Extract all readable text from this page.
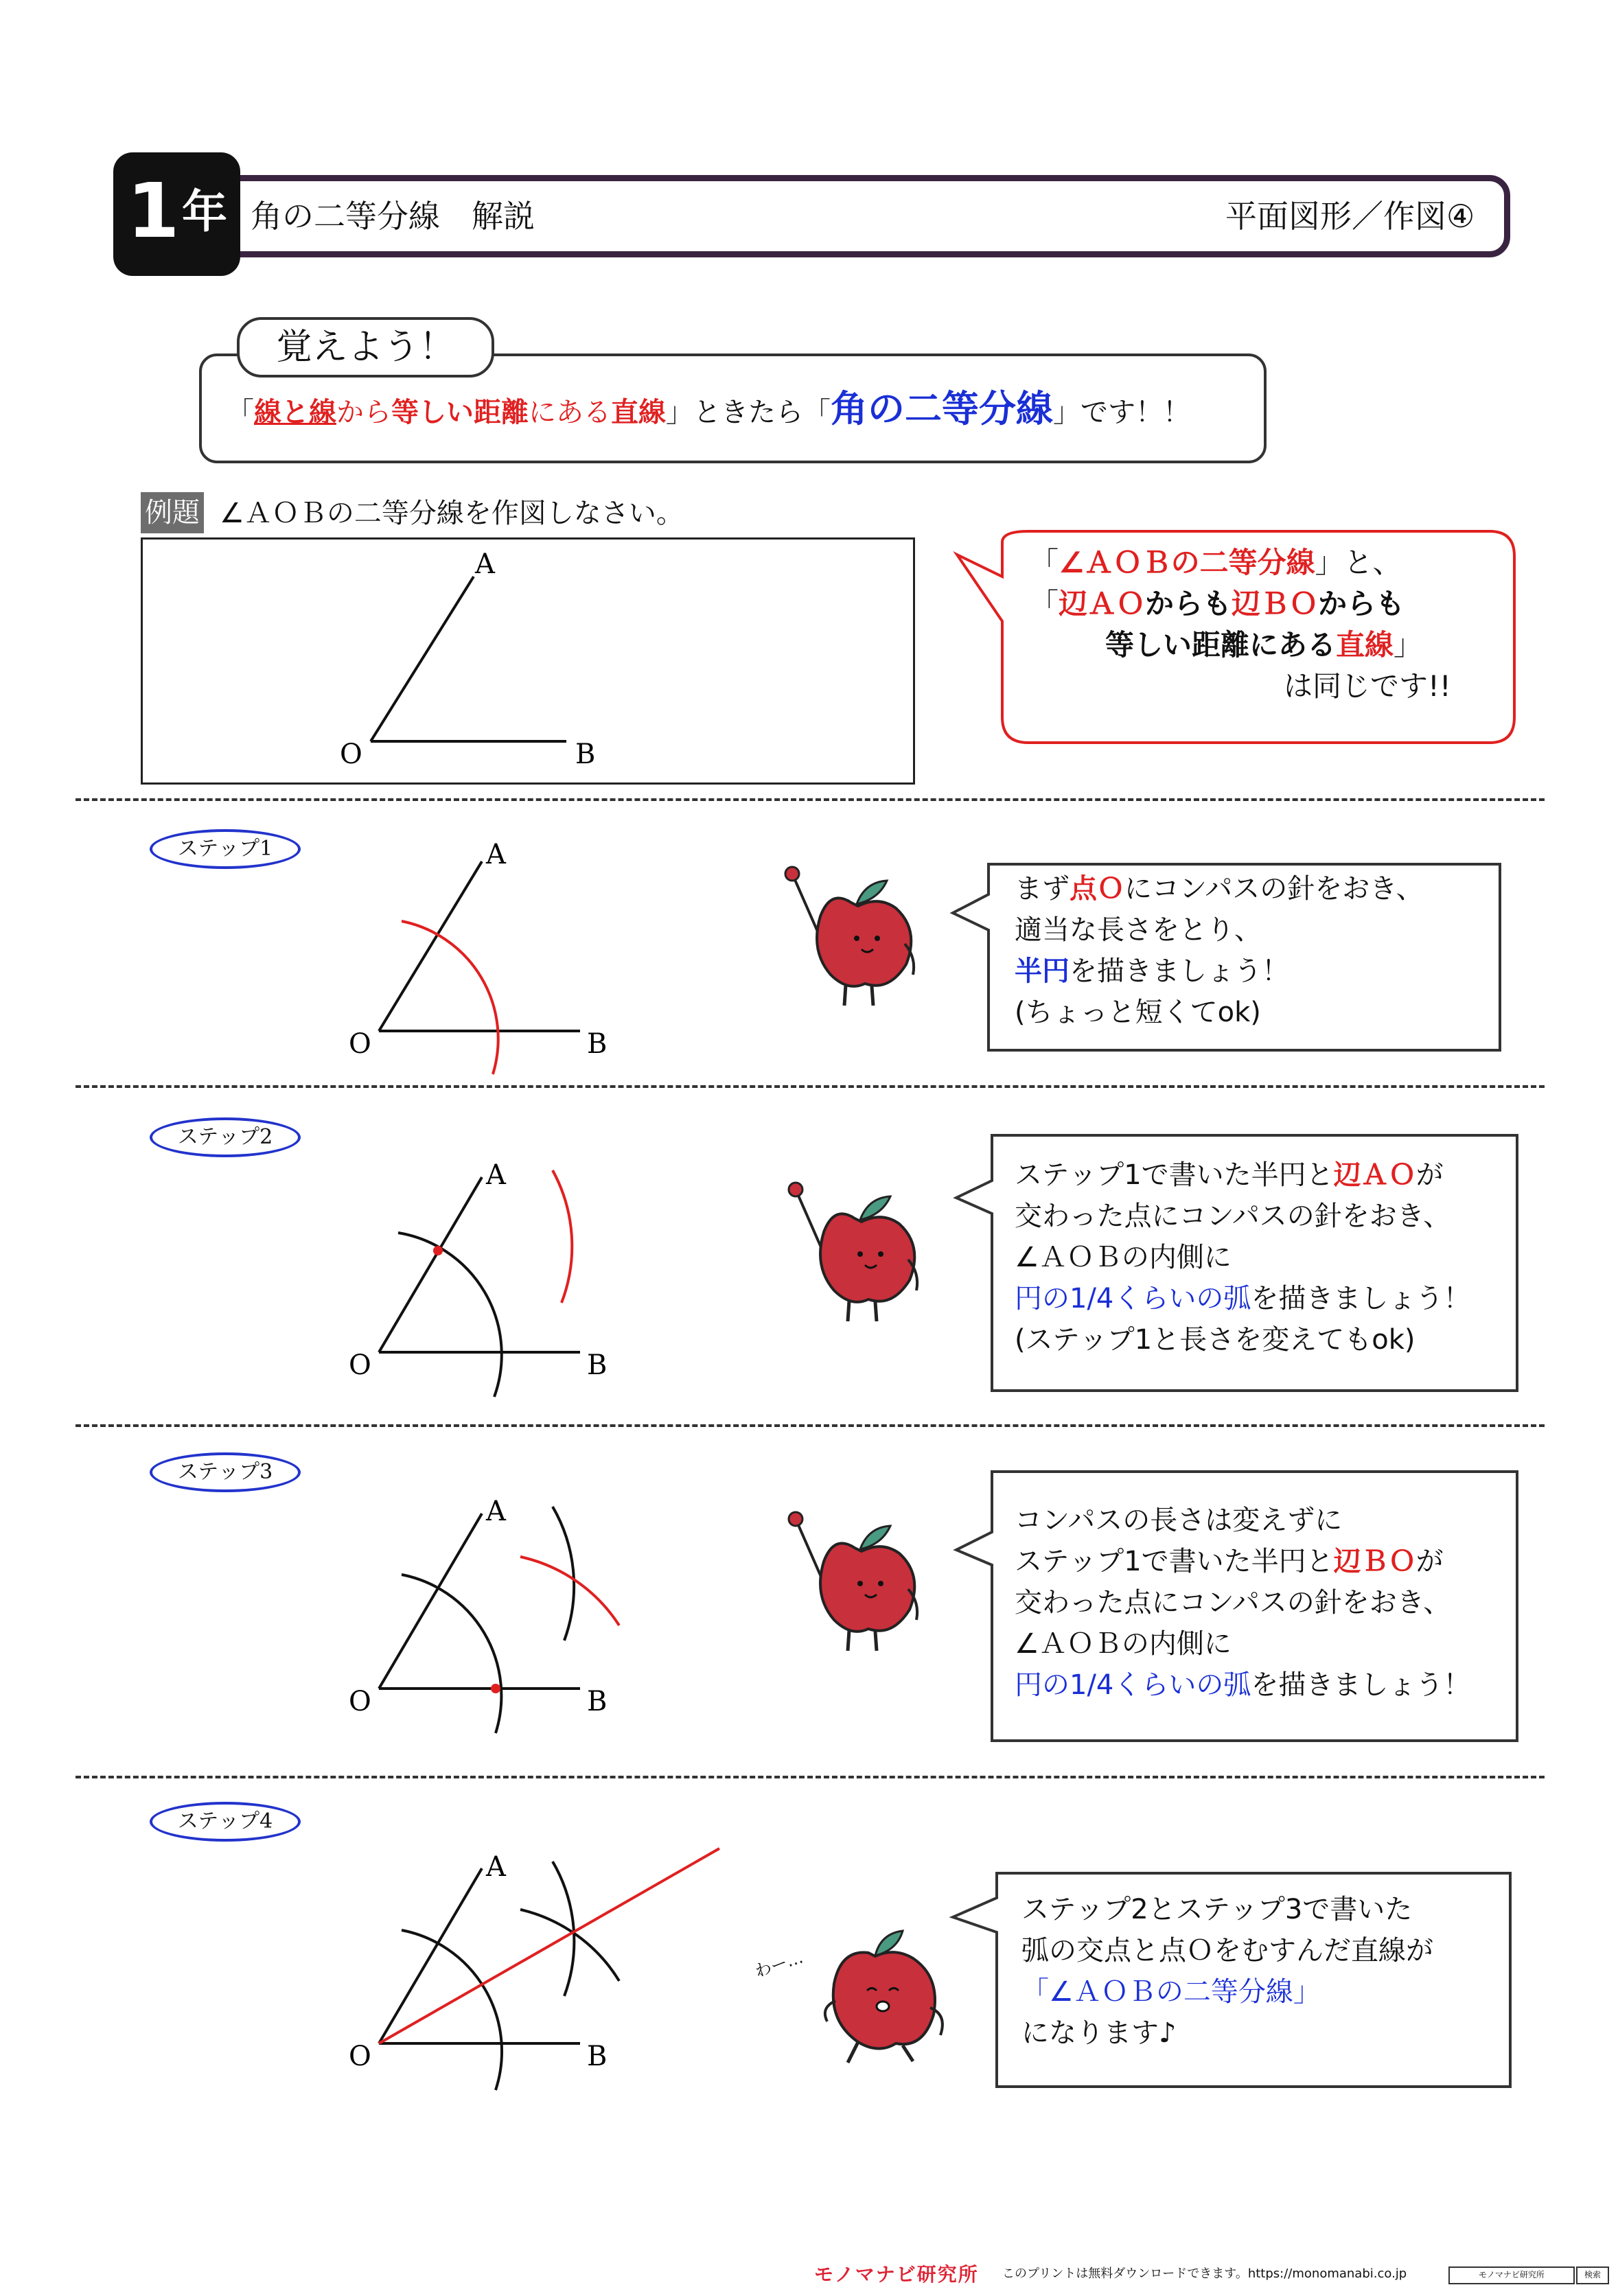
1 年 角の二等分線　解説	平面図形／作図④
覚えよう！
「線と線から等しい距離にある直線」ときたら「角の二等分線」です！！
例題 ∠ＡＯＢの二等分線を作図しなさい。
A
O	B
「∠ＡＯＢの二等分線」と、
「辺ＡＯからも辺ＢＯからも
等しい距離にある直線」
は同じです!!
ステップ1
ステップ2
ステップ3
ステップ4
A
O	B
A
O	B
A
O	B
A
O	B
わー…
まず点Ｏにコンパスの針をおき、
適当な長さをとり、
半円を描きましょう！
(ちょっと短くてok)
ステップ1で書いた半円と辺ＡＯが
交わった点にコンパスの針をおき、
∠ＡＯＢの内側に
円の1/4くらいの弧を描きましょう！
(ステップ1と長さを変えてもok)
コンパスの長さは変えずに
ステップ1で書いた半円と辺ＢＯが
交わった点にコンパスの針をおき、
∠ＡＯＢの内側に
円の1/4くらいの弧を描きましょう！
ステップ2とステップ3で書いた
弧の交点と点Ｏをむすんだ直線が
「∠ＡＯＢの二等分線」
になります♪
モノマナビ研究所 このプリントは無料ダウンロードできます。https://monomanabi.co.jp	モノマナビ研究所	検索
